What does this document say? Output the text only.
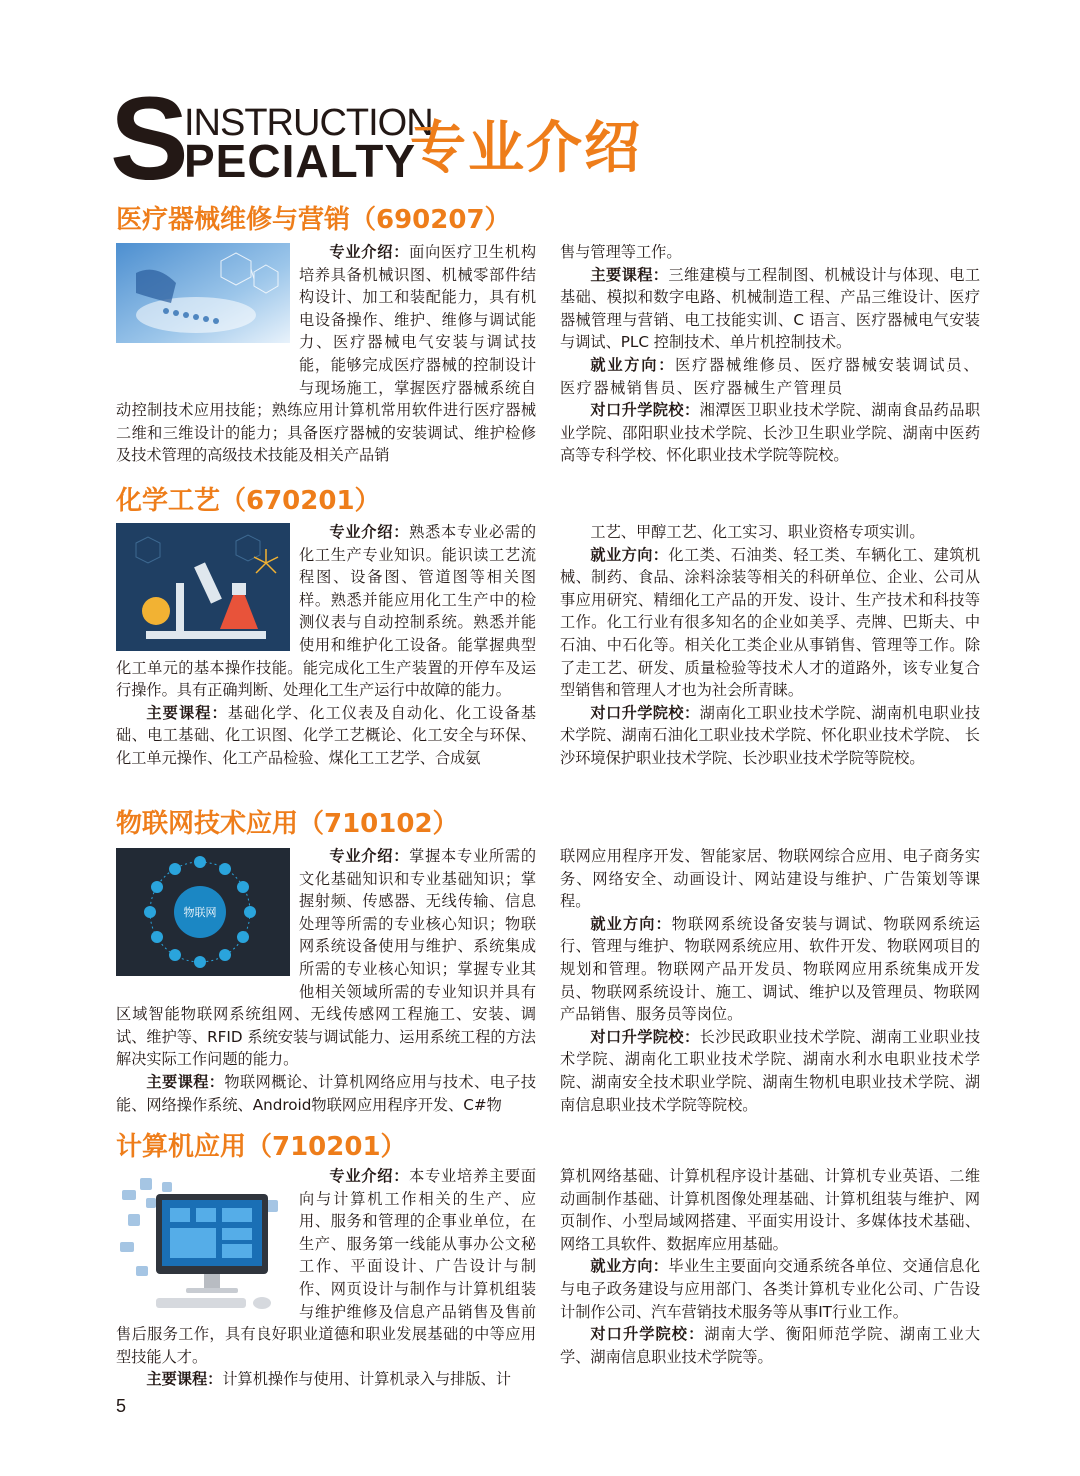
S INSTRUCTION
PECIALTY
专业介绍
医疗器械维修与营销（690207）

专业介绍：面向医疗卫生机构培养具备机械识图、机械零部件结构设计、加工和装配能力，具有机电设备操作、维护、维修与调试能力、医疗器械电气安装与调试技能，能够完成医疗器械的控制设计与现场施工，掌握医疗器械系统自动控制技术应用技能；熟练应用计算机常用软件进行医疗器械二维和三维设计的能力；具备医疗器械的安装调试、维护检修及技术管理的高级技术技能及相关产品销

售与管理等工作。

主要课程：三维建模与工程制图、机械设计与体现、电工基础、模拟和数字电路、机械制造工程、产品三维设计、医疗器械管理与营销、电工技能实训、C 语言、医疗器械电气安装与调试、PLC 控制技术、单片机控制技术。

就业方向：医疗器械维修员、医疗器械安装调试员、医疗器械销售员、医疗器械生产管理员

对口升学院校：湘潭医卫职业技术学院、湖南食品药品职业学院、邵阳职业技术学院、长沙卫生职业学院、湖南中医药高等专科学校、怀化职业技术学院等院校。

化学工艺（670201）

专业介绍：熟悉本专业必需的化工生产专业知识。能识读工艺流程图、设备图、管道图等相关图样。熟悉并能应用化工生产中的检测仪表与自动控制系统。熟悉并能使用和维护化工设备。能掌握典型化工单元的基本操作技能。能完成化工生产装置的开停车及运行操作。具有正确判断、处理化工生产运行中故障的能力。

主要课程：基础化学、化工仪表及自动化、化工设备基础、电工基础、化工识图、化学工艺概论、化工安全与环保、化工单元操作、化工产品检验、煤化工工艺学、合成氨

工艺、甲醇工艺、化工实习、职业资格专项实训。

就业方向：化工类、石油类、轻工类、车辆化工、建筑机械、制药、食品、涂料涂装等相关的科研单位、企业、公司从事应用研究、精细化工产品的开发、设计、生产技术和科技等工作。化工行业有很多知名的企业如美孚、壳牌、巴斯夫、中石油、中石化等。相关化工类企业从事销售、管理等工作。除了走工艺、研发、质量检验等技术人才的道路外，该专业复合型销售和管理人才也为社会所青睐。

对口升学院校：湖南化工职业技术学院、湖南机电职业技术学院、湖南石油化工职业技术学院、怀化职业技术学院、 长沙环境保护职业技术学院、长沙职业技术学院等院校。

物联网技术应用（710102）
物联网

专业介绍：掌握本专业所需的文化基础知识和专业基础知识；掌握射频、传感器、无线传输、信息处理等所需的专业核心知识；物联网系统设备使用与维护、系统集成所需的专业核心知识；掌握专业其他相关领域所需的专业知识并具有区域智能物联网系统组网、无线传感网工程施工、安装、调试、维护等、RFID 系统安装与调试能力、运用系统工程的方法解决实际工作问题的能力。

主要课程：物联网概论、计算机网络应用与技术、电子技能、网络操作系统、Android物联网应用程序开发、C#物

联网应用程序开发、智能家居、物联网综合应用、电子商务实务、网络安全、动画设计、网站建设与维护、广告策划等课程。

就业方向：物联网系统设备安装与调试、物联网系统运行、管理与维护、物联网系统应用、软件开发、物联网项目的规划和管理。物联网产品开发员、物联网应用系统集成开发员、物联网系统设计、施工、调试、维护以及管理员、物联网产品销售、服务员等岗位。

对口升学院校：长沙民政职业技术学院、湖南工业职业技术学院、湖南化工职业技术学院、湖南水利水电职业技术学院、湖南安全技术职业学院、湖南生物机电职业技术学院、湖南信息职业技术学院等院校。

计算机应用（710201）

专业介绍：本专业培养主要面向与计算机工作相关的生产、应用、服务和管理的企事业单位，在生产、服务第一线能从事办公文秘工作、平面设计、广告设计与制作、网页设计与制作与计算机组装与维护维修及信息产品销售及售前售后服务工作，具有良好职业道德和职业发展基础的中等应用型技能人才。

主要课程：计算机操作与使用、计算机录入与排版、计

算机网络基础、计算机程序设计基础、计算机专业英语、二维动画制作基础、计算机图像处理基础、计算机组装与维护、网页制作、小型局域网搭建、平面实用设计、多媒体技术基础、网络工具软件、数据库应用基础。

就业方向：毕业生主要面向交通系统各单位、交通信息化与电子政务建设与应用部门、各类计算机专业化公司、广告设计制作公司、汽车营销技术服务等从事IT行业工作。

对口升学院校：湖南大学、衡阳师范学院、湖南工业大学、湖南信息职业技术学院等。

5
